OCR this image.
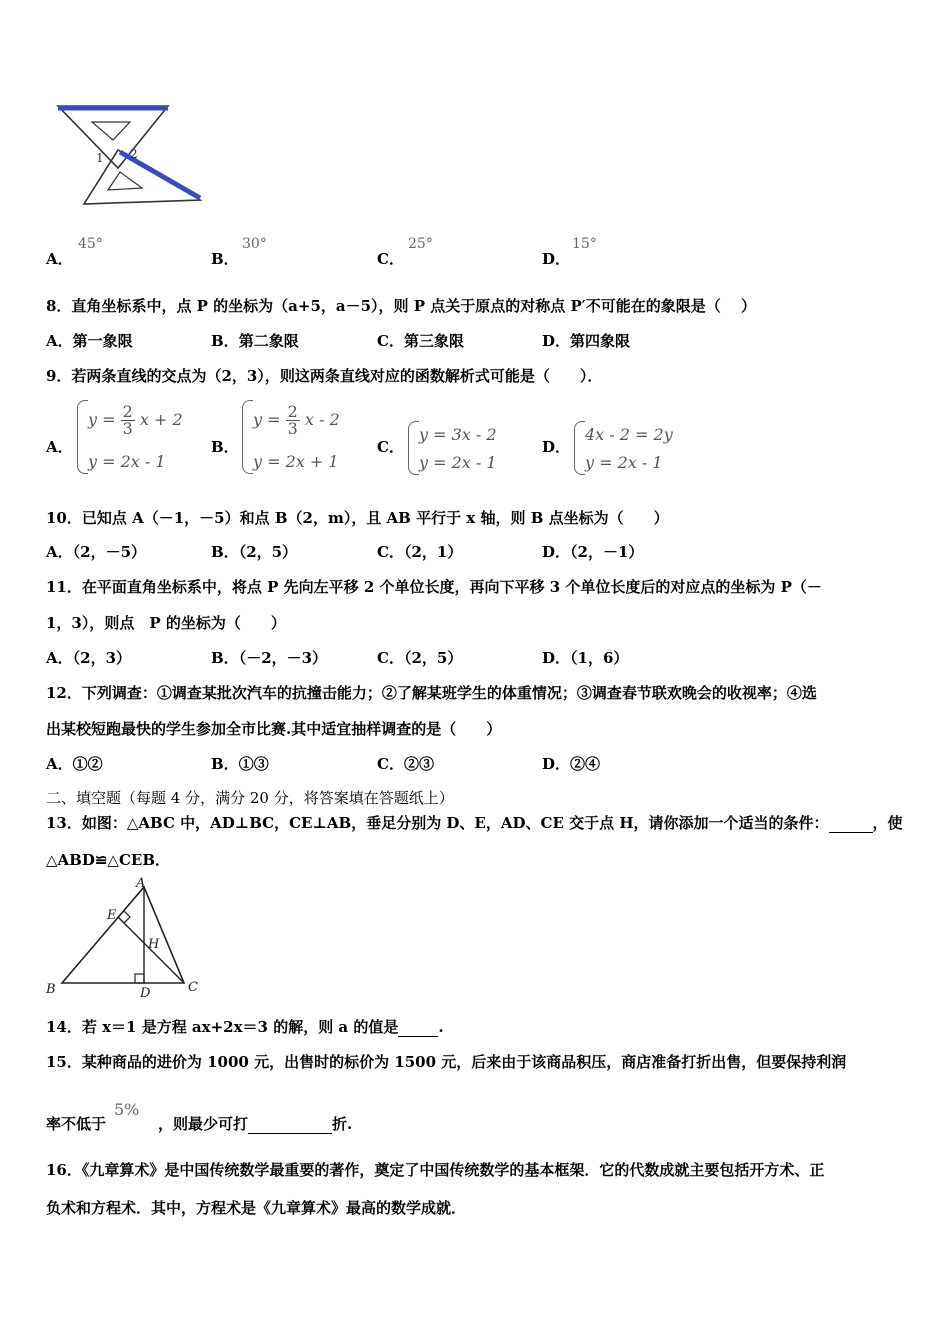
1 2
A．
45°
B．
30°
C．
25°
D．
15°
8．直角坐标系中，点 P 的坐标为（a+5，a－5），则 P 点关于原点的对称点 P′不可能在的象限是（　 ）
A．第一象限	B．第二象限	C．第三象限	D．第四象限
9．若两条直线的交点为（2，3），则这两条直线对应的函数解析式可能是（　　）．
A．
$y = \frac{2}{3}$ x + 2
y = 2x - 1
B．
$y = \frac{2}{3}$ x - 2
y = 2x + 1
C．
y = 3x - 2
y = 2x - 1
D．
4x - 2 = 2y
y = 2x - 1
10．已知点 A（－1，－5）和点 B（2，m），且 AB 平行于 x 轴，则 B 点坐标为（　　）
A．（2，－5）	B．（2，5）	C．（2，1）	D．（2，－1）
11．在平面直角坐标系中，将点 P 先向左平移 2 个单位长度，再向下平移 3 个单位长度后的对应点的坐标为 P（－
1，3），则点　P 的坐标为（　　）
A．（2，3）	B．（－2，－3）	C．（2，5）	D．（1，6）
12．下列调查：①调查某批次汽车的抗撞击能力；②了解某班学生的体重情况；③调查春节联欢晚会的收视率；④选
出某校短跑最快的学生参加全市比赛.其中适宜抽样调查的是（　　）
A．①②	B．①③	C．②③	D．②④
二、填空题（每题 4 分，满分 20 分，将答案填在答题纸上）
13．如图：△ABC 中，AD⊥BC，CE⊥AB，垂足分别为 D、E，AD、CE 交于点 H，请你添加一个适当的条件：	，使
△ABD≌△CEB．
A
B	C
D
E
H
14．若 x＝1 是方程 ax+2x＝3 的解，则 a 的值是	.
15．某种商品的进价为 1000 元，出售时的标价为 1500 元，后来由于该商品积压，商店准备打折出售，但要保持利润
率不低于	，则最少可打	折.
5%
16．《九章算术》是中国传统数学最重要的著作，奠定了中国传统数学的基本框架．它的代数成就主要包括开方术、正
负术和方程术．其中，方程术是《九章算术》最高的数学成就．
